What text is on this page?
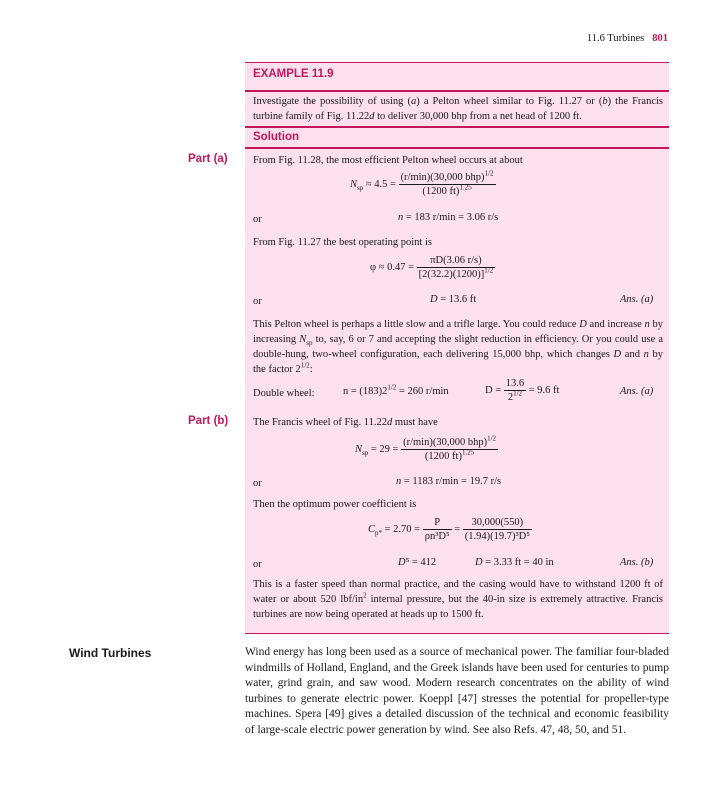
11.6 Turbines 801
EXAMPLE 11.9
Investigate the possibility of using (a) a Pelton wheel similar to Fig. 11.27 or (b) the Francis turbine family of Fig. 11.22d to deliver 30,000 bhp from a net head of 1200 ft.
Solution
Part (a) From Fig. 11.28, the most efficient Pelton wheel occurs at about
$N_{sp} \approx 4.5 = \frac{(r/\min)(30,000 bhp)^{1/2}}{(1200 ft)^{1.25}}$
or	n = 183 r/min = 3.06 r/s
From Fig. 11.27 the best operating point is
$\varphi \approx 0.47 = \frac{\pi D(3.06 r/s)}{[2(32.2)(1200)]^{1/2}}$
or	D = 13.6 ft	Ans. (a)
This Pelton wheel is perhaps a little slow and a trifle large. You could reduce D and increase n by increasing $N_{sp}$ to, say, 6 or 7 and accepting the slight reduction in efficiency. Or you could use a double-hung, two-wheel configuration, each delivering 15,000 bhp, which changes D and n by the factor $2^{1/2}$:
Double wheel:	$n = (183)2^{1/2} = 260$ r/min	$D = \frac{13.6}{2^{1/2}} = 9.6$ ft	Ans. (a)
Part (b) The Francis wheel of Fig. 11.22d must have
$N_{sp} = 29 = \frac{(r/\min)(30,000 bhp)^{1/2}}{(1200 ft)^{1.25}}$
or	n = 1183 r/min = 19.7 r/s
Then the optimum power coefficient is
$C_{p*} = 2.70 = \frac{P}{\text{ρn³D⁵}} = \frac{30,000(550)}{\text{(1.94)(19.7)³D⁵}}$
or	D⁵ = 412	D = 3.33 ft = 40 in	Ans. (b)
This is a faster speed than normal practice, and the casing would have to withstand 1200 ft of water or about 520 lbf/$in^2$ internal pressure, but the 40-in size is extremely attractive. Francis turbines are now being operated at heads up to 1500 ft.
Wind Turbines	Wind energy has long been used as a source of mechanical power. The familiar four-bladed windmills of Holland, England, and the Greek islands have been used for centuries to pump water, grind grain, and saw wood. Modern research concentrates on the ability of wind turbines to generate electric power. Koeppl [47] stresses the potential for propeller-type machines. Spera [49] gives a detailed discussion of the technical and economic feasibility of large-scale electric power generation by wind. See also Refs. 47, 48, 50, and 51.
